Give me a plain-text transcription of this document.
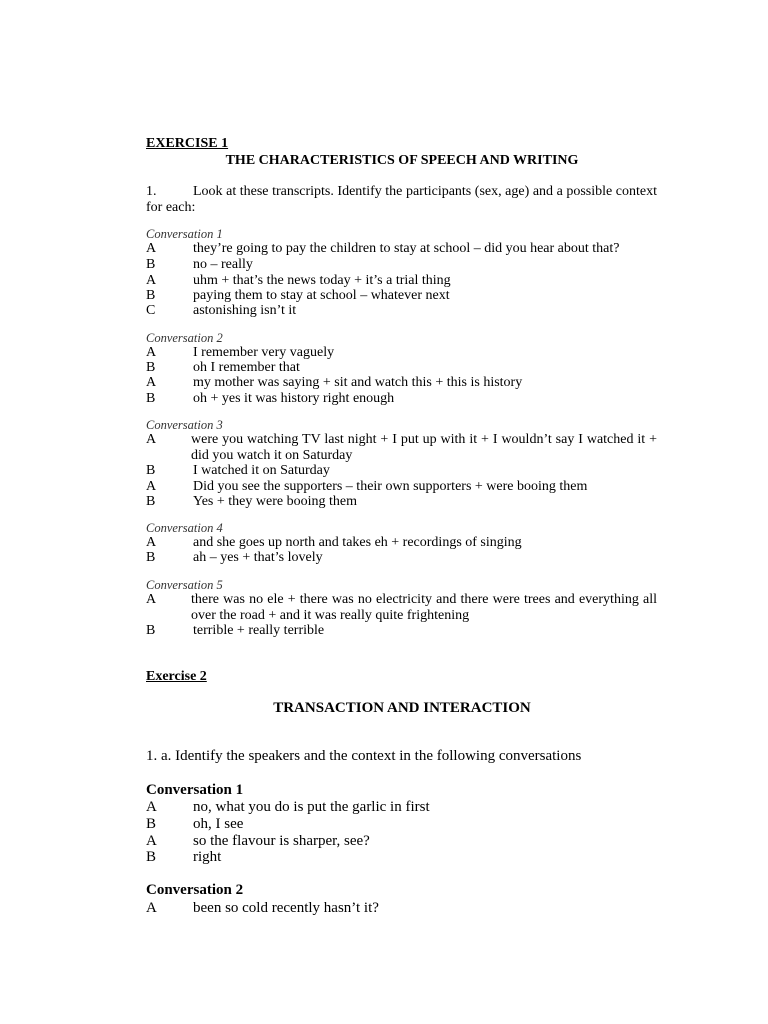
EXERCISE 1
THE CHARACTERISTICS OF SPEECH AND WRITING
1.	Look at these transcripts. Identify the participants (sex, age) and a possible context for each:
Conversation 1
A	they’re going to pay the children to stay at school – did you hear about that?
B	no – really
A	uhm + that’s the news today + it’s a trial thing
B	paying them to stay at school – whatever next
C	astonishing isn’t it
Conversation 2
A	I remember very vaguely
B	oh I remember that
A	my mother was saying + sit and watch this + this is history
B	oh + yes it was history right enough
Conversation 3
A were you watching TV last night + I put up with it + I wouldn’t say I watched it + did you watch it on Saturday
B	I watched it on Saturday
A	Did you see the supporters – their own supporters + were booing them
B	Yes + they were booing them
Conversation 4
A	and she goes up north and takes eh + recordings of singing
B	ah – yes + that’s lovely
Conversation 5
A there was no ele + there was no electricity and there were trees and everything all over the road + and it was really quite frightening
B	terrible + really terrible
Exercise 2
TRANSACTION AND INTERACTION
1. a. Identify the speakers and the context in the following conversations
Conversation 1
A no, what you do is put the garlic in first
B oh, I see
A so the flavour is sharper, see?
B right
Conversation 2
A been so cold recently hasn’t it?
